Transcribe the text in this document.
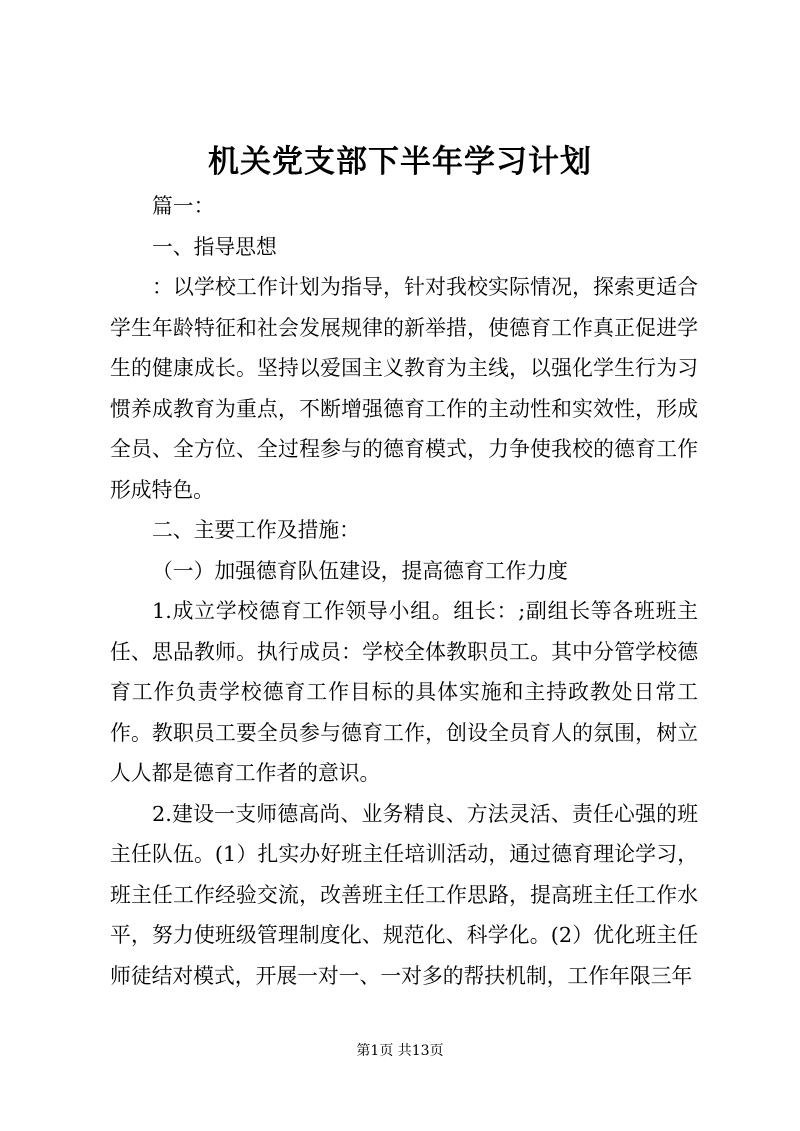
机关党支部下半年学习计划

篇一：

一、指导思想

：以学校工作计划为指导，针对我校实际情况，探索更适合学生年龄特征和社会发展规律的新举措，使德育工作真正促进学生的健康成长。坚持以爱国主义教育为主线，以强化学生行为习惯养成教育为重点，不断增强德育工作的主动性和实效性，形成全员、全方位、全过程参与的德育模式，力争使我校的德育工作形成特色。

二、主要工作及措施：

（一）加强德育队伍建设，提高德育工作力度

1.成立学校德育工作领导小组。组长：;副组长等各班班主任、思品教师。执行成员：学校全体教职员工。其中分管学校德育工作负责学校德育工作目标的具体实施和主持政教处日常工作。教职员工要全员参与德育工作，创设全员育人的氛围，树立人人都是德育工作者的意识。

2.建设一支师德高尚、业务精良、方法灵活、责任心强的班主任队伍。(1）扎实办好班主任培训活动，通过德育理论学习，班主任工作经验交流，改善班主任工作思路，提高班主任工作水平，努力使班级管理制度化、规范化、科学化。(2）优化班主任师徒结对模式，开展一对一、一对多的帮扶机制，工作年限三年

第1页 共13页
